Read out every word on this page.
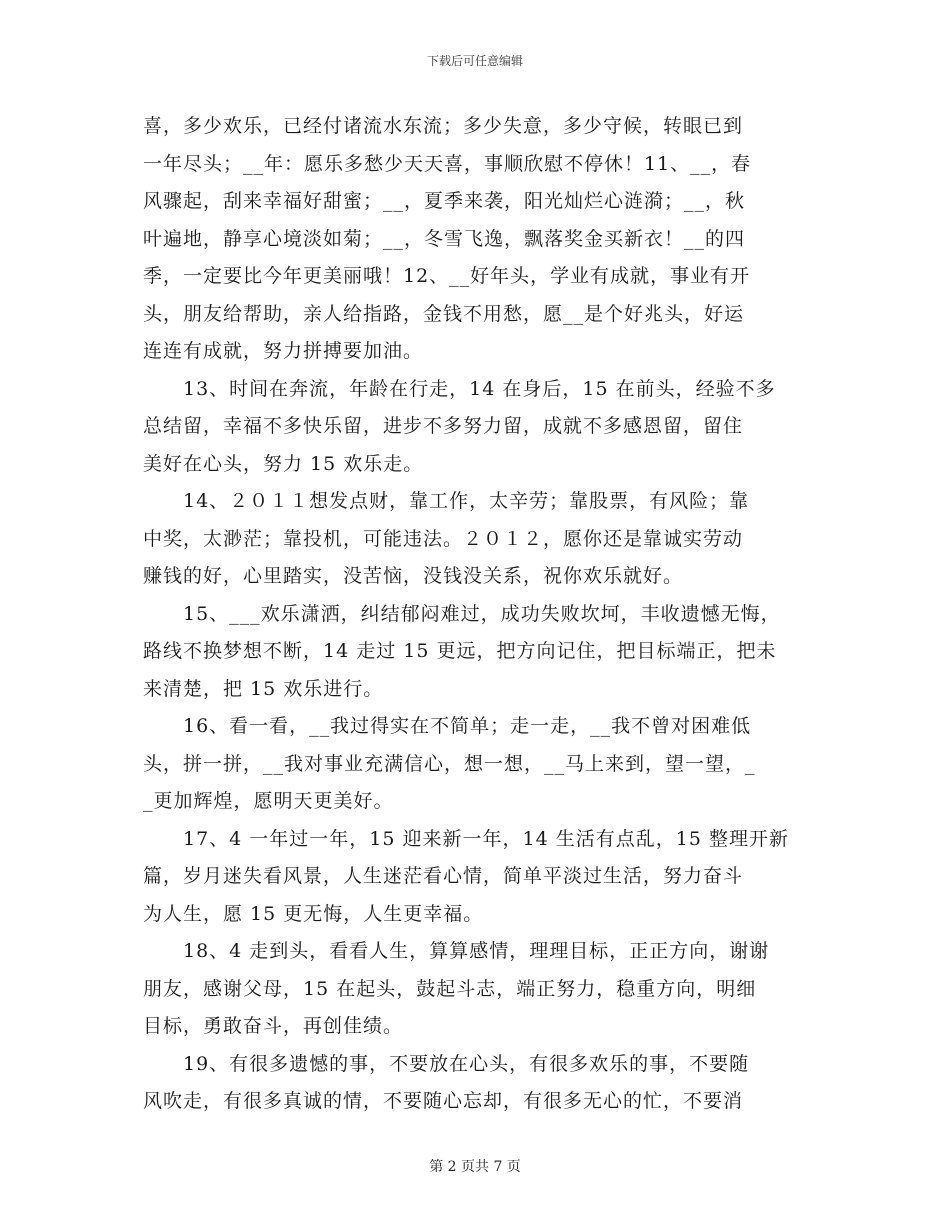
下载后可任意编辑
喜，多少欢乐，已经付诸流水东流；多少失意，多少守候，转眼已到
一年尽头；__年：愿乐多愁少天天喜，事顺欣慰不停休！11、__，春
风骤起，刮来幸福好甜蜜；__，夏季来袭，阳光灿烂心涟漪；__，秋
叶遍地，静享心境淡如菊；__，冬雪飞逸，飘落奖金买新衣！__的四
季，一定要比今年更美丽哦！12、__好年头，学业有成就，事业有开
头，朋友给帮助，亲人给指路，金钱不用愁，愿__是个好兆头，好运
连连有成就，努力拼搏要加油。
13、时间在奔流，年龄在行走，14 在身后，15 在前头，经验不多
总结留，幸福不多快乐留，进步不多努力留，成就不多感恩留，留住
美好在心头，努力 15 欢乐走。
14、２０１１想发点财，靠工作，太辛劳；靠股票，有风险；靠
中奖，太渺茫；靠投机，可能违法。２０１２，愿你还是靠诚实劳动
赚钱的好，心里踏实，没苦恼，没钱没关系，祝你欢乐就好。
15、___欢乐潇洒，纠结郁闷难过，成功失败坎坷，丰收遗憾无悔，
路线不换梦想不断，14 走过 15 更远，把方向记住，把目标端正，把未
来清楚，把 15 欢乐进行。
16、看一看，__我过得实在不简单；走一走，__我不曾对困难低
头，拼一拼，__我对事业充满信心，想一想，__马上来到，望一望，_
_更加辉煌，愿明天更美好。
17、4 一年过一年，15 迎来新一年，14 生活有点乱，15 整理开新
篇，岁月迷失看风景，人生迷茫看心情，简单平淡过生活，努力奋斗
为人生，愿 15 更无悔，人生更幸福。
18、4 走到头，看看人生，算算感情，理理目标，正正方向，谢谢
朋友，感谢父母，15 在起头，鼓起斗志，端正努力，稳重方向，明细
目标，勇敢奋斗，再创佳绩。
19、有很多遗憾的事，不要放在心头，有很多欢乐的事，不要随
风吹走，有很多真诚的情，不要随心忘却，有很多无心的忙，不要消
第 2 页共 7 页
